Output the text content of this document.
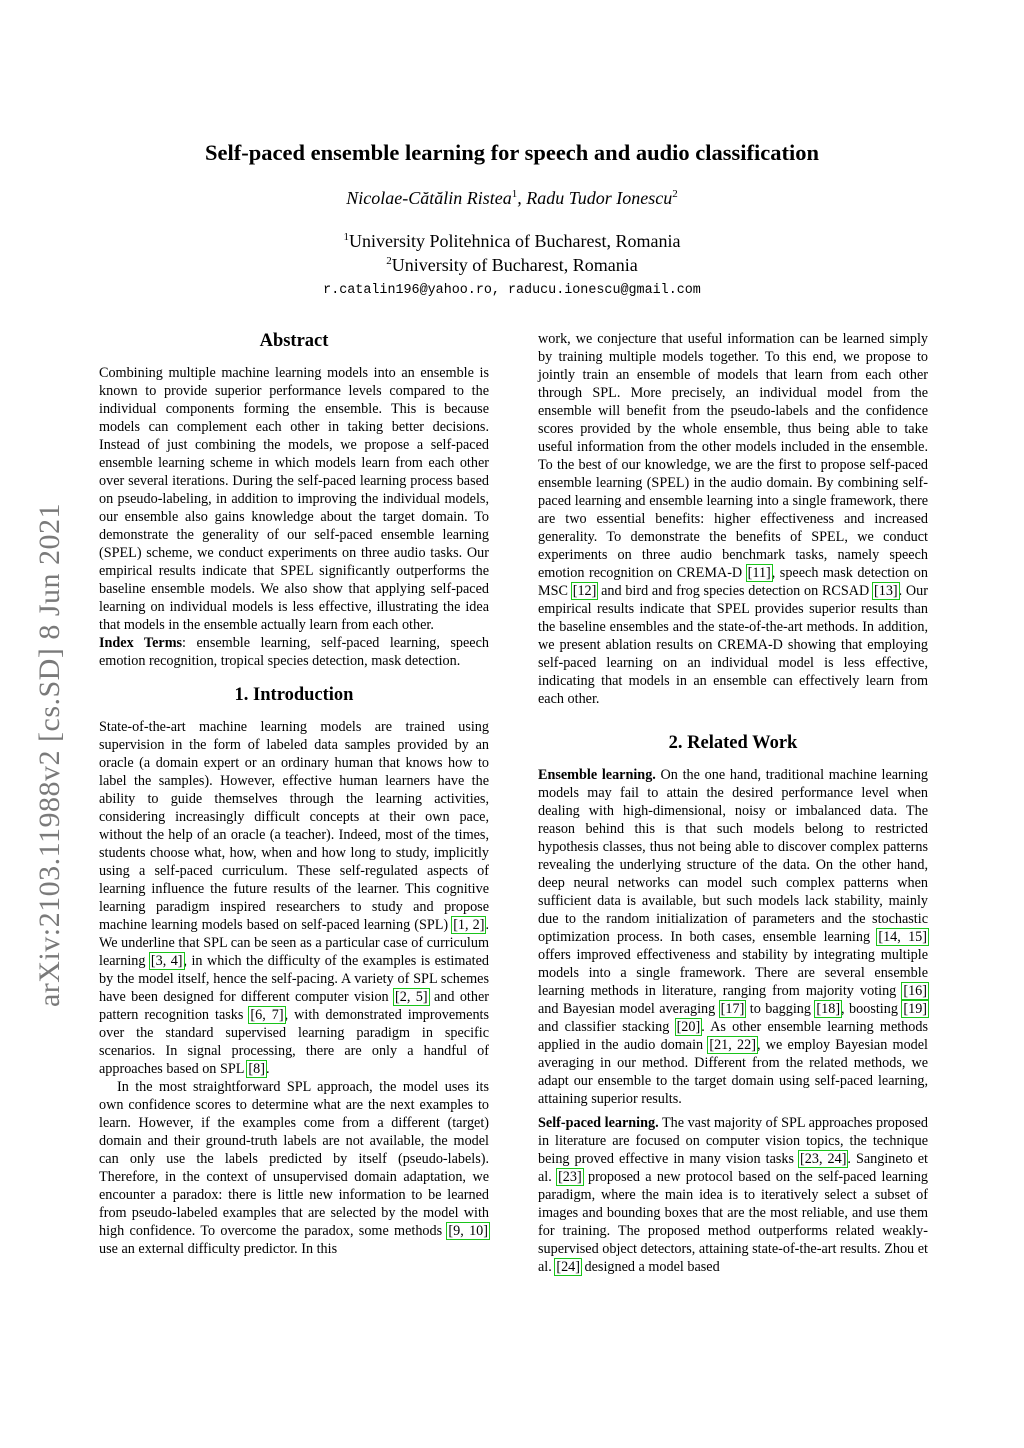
arXiv:2103.11988v2 [cs.SD] 8 Jun 2021
Self-paced ensemble learning for speech and audio classification
Nicolae-Cătălin Ristea$^1$, Radu Tudor Ionescu$^2$
$^1$University Politehnica of Bucharest, Romania
$^2$University of Bucharest, Romania
r.catalin196@yahoo.ro, raducu.ionescu@gmail.com
Abstract

Combining multiple machine learning models into an ensemble is known to provide superior performance levels compared to the individual components forming the ensemble. This is because models can complement each other in taking better decisions. Instead of just combining the models, we propose a self-paced ensemble learning scheme in which models learn from each other over several iterations. During the self-paced learning process based on pseudo-labeling, in addition to improving the individual models, our ensemble also gains knowledge about the target domain. To demonstrate the generality of our self-paced ensemble learning (SPEL) scheme, we conduct experiments on three audio tasks. Our empirical results indicate that SPEL significantly outperforms the baseline ensemble models. We also show that applying self-paced learning on individual models is less effective, illustrating the idea that models in the ensemble actually learn from each other.

Index Terms: ensemble learning, self-paced learning, speech emotion recognition, tropical species detection, mask detection.

1. Introduction

State-of-the-art machine learning models are trained using supervision in the form of labeled data samples provided by an oracle (a domain expert or an ordinary human that knows how to label the samples). However, effective human learners have the ability to guide themselves through the learning activities, considering increasingly difficult concepts at their own pace, without the help of an oracle (a teacher). Indeed, most of the times, students choose what, how, when and how long to study, implicitly using a self-paced curriculum. These self-regulated aspects of learning influence the future results of the learner. This cognitive learning paradigm inspired researchers to study and propose machine learning models based on self-paced learning (SPL) [1, 2]. We underline that SPL can be seen as a particular case of curriculum learning [3, 4], in which the difficulty of the examples is estimated by the model itself, hence the self-pacing. A variety of SPL schemes have been designed for different computer vision [2, 5] and other pattern recognition tasks [6, 7], with demonstrated improvements over the standard supervised learning paradigm in specific scenarios. In signal processing, there are only a handful of approaches based on SPL [8].

In the most straightforward SPL approach, the model uses its own confidence scores to determine what are the next examples to learn. However, if the examples come from a different (target) domain and their ground-truth labels are not available, the model can only use the labels predicted by itself (pseudo-labels). Therefore, in the context of unsupervised domain adaptation, we encounter a paradox: there is little new information to be learned from pseudo-labeled examples that are selected by the model with high confidence. To overcome the paradox, some methods [9, 10] use an external difficulty predictor. In this

work, we conjecture that useful information can be learned simply by training multiple models together. To this end, we propose to jointly train an ensemble of models that learn from each other through SPL. More precisely, an individual model from the ensemble will benefit from the pseudo-labels and the confidence scores provided by the whole ensemble, thus being able to take useful information from the other models included in the ensemble. To the best of our knowledge, we are the first to propose self-paced ensemble learning (SPEL) in the audio domain. By combining self-paced learning and ensemble learning into a single framework, there are two essential benefits: higher effectiveness and increased generality. To demonstrate the benefits of SPEL, we conduct experiments on three audio benchmark tasks, namely speech emotion recognition on CREMA-D [11], speech mask detection on MSC [12] and bird and frog species detection on RCSAD [13]. Our empirical results indicate that SPEL provides superior results than the baseline ensembles and the state-of-the-art methods. In addition, we present ablation results on CREMA-D showing that employing self-paced learning on an individual model is less effective, indicating that models in an ensemble can effectively learn from each other.

2. Related Work

Ensemble learning. On the one hand, traditional machine learning models may fail to attain the desired performance level when dealing with high-dimensional, noisy or imbalanced data. The reason behind this is that such models belong to restricted hypothesis classes, thus not being able to discover complex patterns revealing the underlying structure of the data. On the other hand, deep neural networks can model such complex patterns when sufficient data is available, but such models lack stability, mainly due to the random initialization of parameters and the stochastic optimization process. In both cases, ensemble learning [14, 15] offers improved effectiveness and stability by integrating multiple models into a single framework. There are several ensemble learning methods in literature, ranging from majority voting [16] and Bayesian model averaging [17] to bagging [18], boosting [19] and classifier stacking [20]. As other ensemble learning methods applied in the audio domain [21, 22], we employ Bayesian model averaging in our method. Different from the related methods, we adapt our ensemble to the target domain using self-paced learning, attaining superior results.

Self-paced learning. The vast majority of SPL approaches proposed in literature are focused on computer vision topics, the technique being proved effective in many vision tasks [23, 24]. Sangineto et al. [23] proposed a new protocol based on the self-paced learning paradigm, where the main idea is to iteratively select a subset of images and bounding boxes that are the most reliable, and use them for training. The proposed method outperforms related weakly-supervised object detectors, attaining state-of-the-art results. Zhou et al. [24] designed a model based
